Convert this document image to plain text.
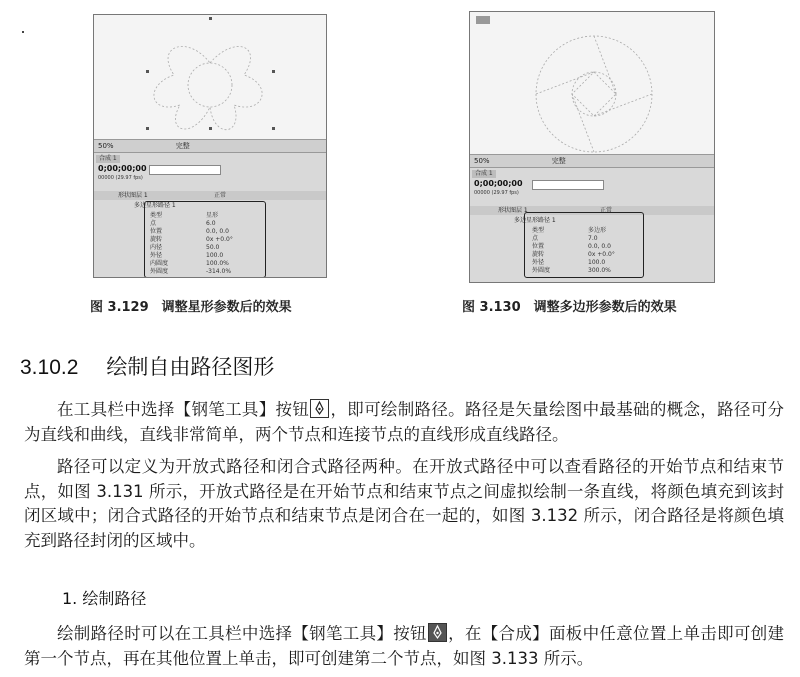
50%	完整
合成 1
0;00;00;00
00000 (29.97 fps)
形状图层 1	正常
多边星形路径 1
类型	星形
点	6.0
位置	0.0, 0.0
旋转	0x +0.0°
内径	50.0
外径	100.0
内圆度	100.0%
外圆度	-314.0%
50%	完整
合成 1
0;00;00;00
00000 (29.97 fps)
形状图层 1	正常
多边星形路径 1
类型	多边形
点	7.0
位置	0.0, 0.0
旋转	0x +0.0°
外径	100.0
外圆度	300.0%
图 3.129　调整星形参数后的效果	图 3.130　调整多边形参数后的效果
3.10.2 绘制自由路径图形

在工具栏中选择【钢笔工具】按钮 ，即可绘制路径。路径是矢量绘图中最基础的概念，路径可分为直线和曲线，直线非常简单，两个节点和连接节点的直线形成直线路径。

路径可以定义为开放式路径和闭合式路径两种。在开放式路径中可以查看路径的开始节点和结束节点，如图 3.131 所示，开放式路径是在开始节点和结束节点之间虚拟绘制一条直线，将颜色填充到该封闭区域中；闭合式路径的开始节点和结束节点是闭合在一起的，如图 3.132 所示，闭合路径是将颜色填充到路径封闭的区域中。

1. 绘制路径

绘制路径时可以在工具栏中选择【钢笔工具】按钮 ，在【合成】面板中任意位置上单击即可创建第一个节点，再在其他位置上单击，即可创建第二个节点，如图 3.133 所示。
